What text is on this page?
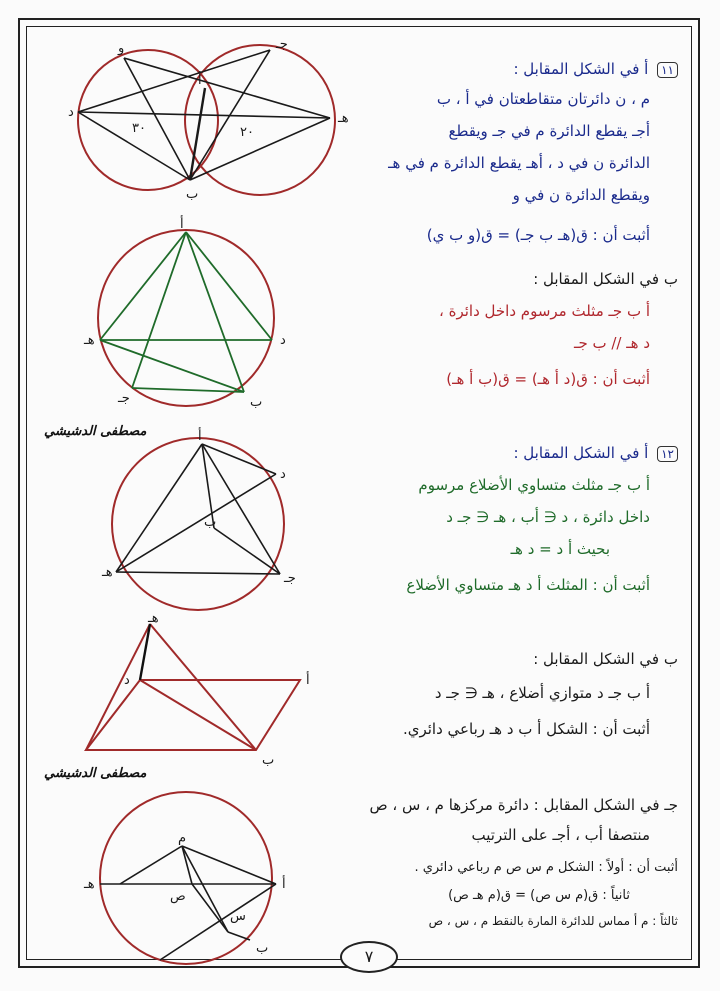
د	هـ
و	جـ
أ
ب
٣٠	٢٠
أ
هـ	د
جـ	ب
أ
هـ	جـ
د
ب
هـ
د	أ
ب
م
هـ	أ
ص
س
ب
١١ أ في الشكل المقابل :
م ، ن دائرتان متقاطعتان في أ ، ب
أجـ يقطع الدائرة م في جـ ويقطع
الدائرة ن في د ، أهـ يقطع الدائرة م في هـ
ويقطع الدائرة ن في و
أثبت أن : ق(هـ ب جـ) = ق(و ب ي)
ب في الشكل المقابل :
أ ب جـ مثلث مرسوم داخل دائرة ،
د هـ // ب جـ
أثبت أن : ق(د أ هـ) = ق(ب أ هـ)
١٢ أ في الشكل المقابل :
أ ب جـ مثلث متساوي الأضلاع مرسوم
داخل دائرة ، د ∈ أب ، هـ ∈ جـ د
بحيث أ د = د هـ
أثبت أن : المثلث أ د هـ متساوي الأضلاع
ب في الشكل المقابل :
أ ب جـ د متوازي أضلاع ، هـ ∈ جـ د
أثبت أن : الشكل أ ب د هـ رباعي دائري.
جـ في الشكل المقابل : دائرة مركزها م ، س ، ص
منتصفا أب ، أجـ على الترتيب
أثبت أن : أولاً : الشكل م س ص م رباعي دائري .
ثانياً : ق(م س ص) = ق(م هـ ص)
ثالثاً : م أ مماس للدائرة المارة بالنقط م ، س ، ص
مصطفى الدشيشي
مصطفى الدشيشي
٧
